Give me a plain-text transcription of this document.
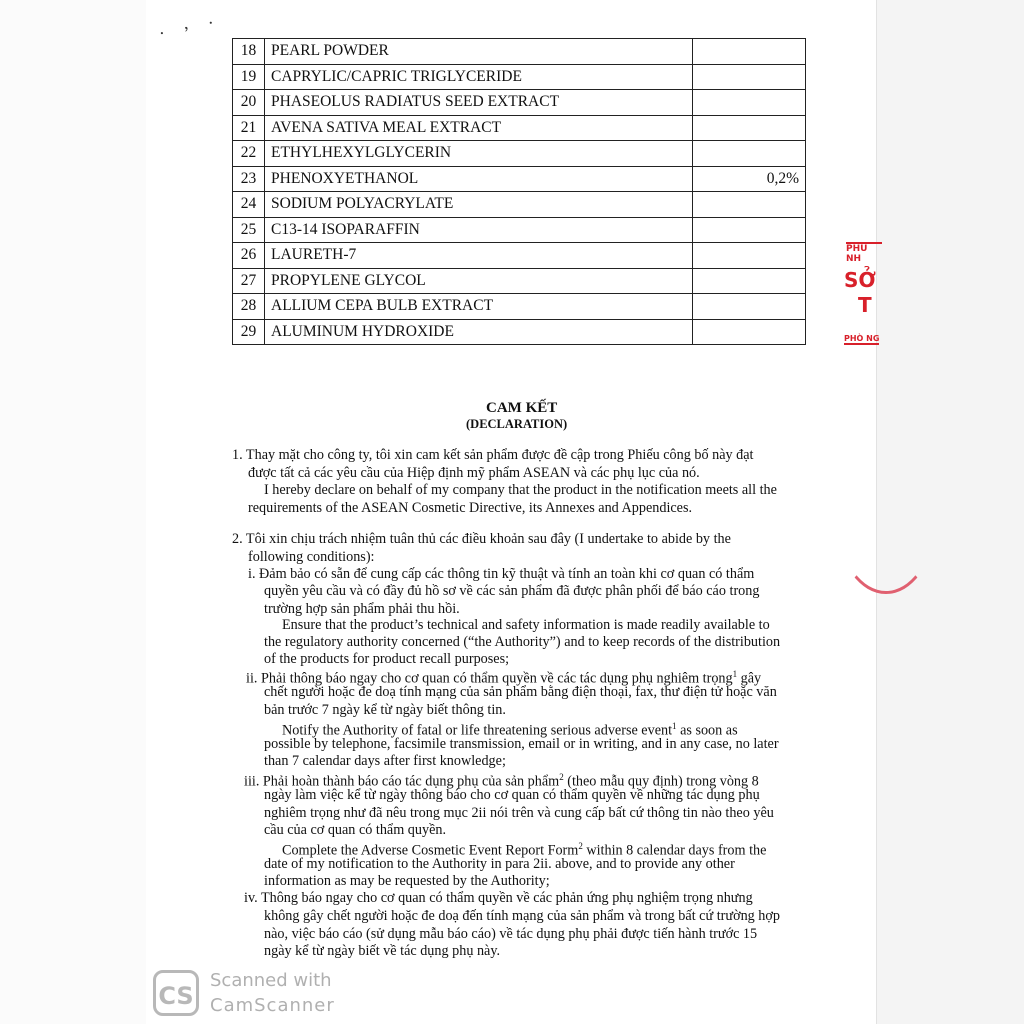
. , .
18	PEARL POWDER	
19	CAPRYLIC/CAPRIC TRIGLYCERIDE	
20	PHASEOLUS RADIATUS SEED EXTRACT	
21	AVENA SATIVA MEAL EXTRACT	
22	ETHYLHEXYLGLYCERIN	
23	PHENOXYETHANOL	0,2%
24	SODIUM POLYACRYLATE	
25	C13-14 ISOPARAFFIN	
26	LAURETH-7	
27	PROPYLENE GLYCOL	
28	ALLIUM CEPA BULB EXTRACT	
29	ALUMINUM HYDROXIDE	
CAM KẾT
(DECLARATION)
1. Thay mặt cho công ty, tôi xin cam kết sản phẩm được đề cập trong Phiếu công bố này đạt
được tất cả các yêu cầu của Hiệp định mỹ phẩm ASEAN và các phụ lục của nó.
I hereby declare on behalf of my company that the product in the notification meets all the
requirements of the ASEAN Cosmetic Directive, its Annexes and Appendices.
2. Tôi xin chịu trách nhiệm tuân thủ các điều khoản sau đây (I undertake to abide by the
following conditions):
i. Đảm bảo có sẵn để cung cấp các thông tin kỹ thuật và tính an toàn khi cơ quan có thẩm
quyền yêu cầu và có đầy đủ hồ sơ về các sản phẩm đã được phân phối để báo cáo trong
trường hợp sản phẩm phải thu hồi.
Ensure that the product’s technical and safety information is made readily available to
the regulatory authority concerned (“the Authority”) and to keep records of the distribution
of the products for product recall purposes;
ii. Phải thông báo ngay cho cơ quan có thẩm quyền về các tác dụng phụ nghiêm trọng$^1$ gây
chết người hoặc đe doạ tính mạng của sản phẩm bằng điện thoại, fax, thư điện tử hoặc văn
bản trước 7 ngày kể từ ngày biết thông tin.
Notify the Authority of fatal or life threatening serious adverse event$^1$ as soon as
possible by telephone, facsimile transmission, email or in writing, and in any case, no later
than 7 calendar days after first knowledge;
iii. Phải hoàn thành báo cáo tác dụng phụ của sản phẩm$^2$ (theo mẫu quy định) trong vòng 8
ngày làm việc kể từ ngày thông báo cho cơ quan có thẩm quyền về những tác dụng phụ
nghiêm trọng như đã nêu trong mục 2ii nói trên và cung cấp bất cứ thông tin nào theo yêu
cầu của cơ quan có thẩm quyền.
Complete the Adverse Cosmetic Event Report Form$^2$ within 8 calendar days from the
date of my notification to the Authority in para 2ii. above, and to provide any other
information as may be requested by the Authority;
iv. Thông báo ngay cho cơ quan có thẩm quyền về các phản ứng phụ nghiệm trọng nhưng
không gây chết người hoặc đe doạ đến tính mạng của sản phẩm và trong bất cứ trường hợp
nào, việc báo cáo (sử dụng mẫu báo cáo) về tác dụng phụ phải được tiến hành trước 15
ngày kể từ ngày biết về tác dụng phụ này.
PHÚ NH
SỞ
T
PHÒ NG
CS
Scanned with
CamScanner
